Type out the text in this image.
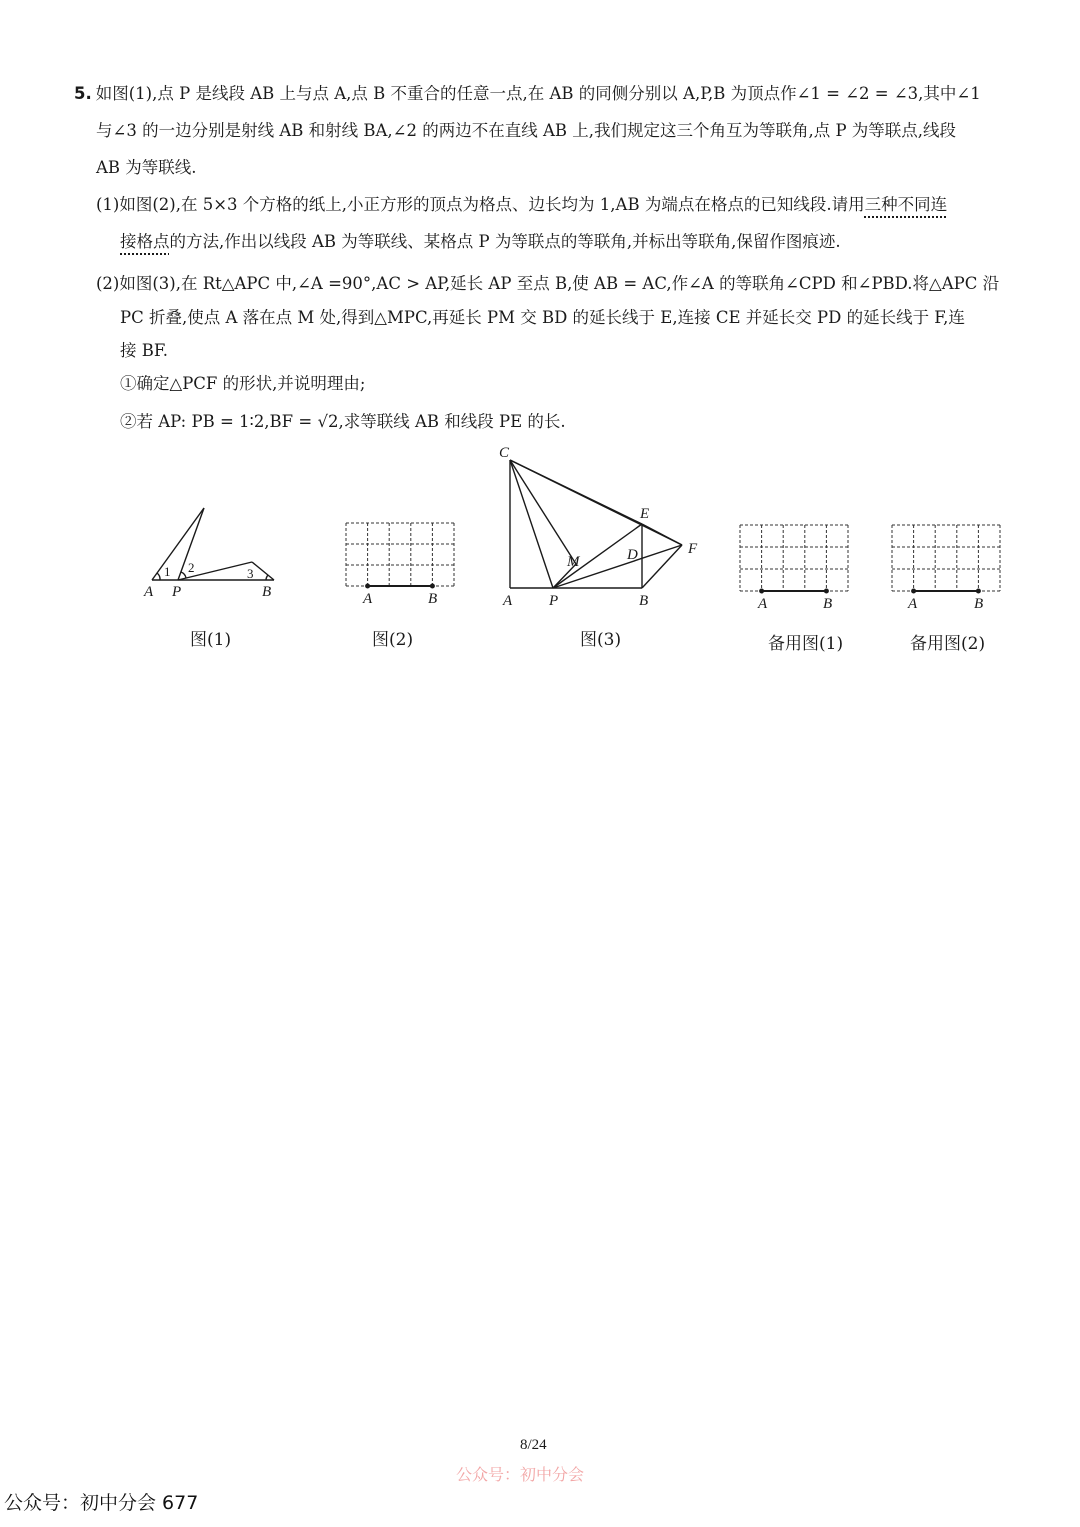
5. 如图(1),点 P 是线段 AB 上与点 A,点 B 不重合的任意一点,在 AB 的同侧分别以 A,P,B 为顶点作∠1 = ∠2 = ∠3,其中∠1
与∠3 的一边分别是射线 AB 和射线 BA,∠2 的两边不在直线 AB 上,我们规定这三个角互为等联角,点 P 为等联点,线段
AB 为等联线.
(1)如图(2),在 5×3 个方格的纸上,小正方形的顶点为格点、边长均为 1,AB 为端点在格点的已知线段.请用三种不同连
接格点的方法,作出以线段 AB 为等联线、某格点 P 为等联点的等联角,并标出等联角,保留作图痕迹.
(2)如图(3),在 Rt△APC 中,∠A =90°,AC > AP,延长 AP 至点 B,使 AB = AC,作∠A 的等联角∠CPD 和∠PBD.将△APC 沿
PC 折叠,使点 A 落在点 M 处,得到△MPC,再延长 PM 交 BD 的延长线于 E,连接 CE 并延长交 PD 的延长线于 F,连
接 BF.
①确定△PCF 的形状,并说明理由;
②若 AP: PB = 1∶2,BF = √2,求等联线 AB 和线段 PE 的长.
A P	B
1 2	3
图(1)
A	B
图(2)
C
A P	B
M	D
E
F
图(3)
A	B
备用图(1)
A	B
备用图(2)
8/24
公众号：初中分会
公众号：初中分会 677
